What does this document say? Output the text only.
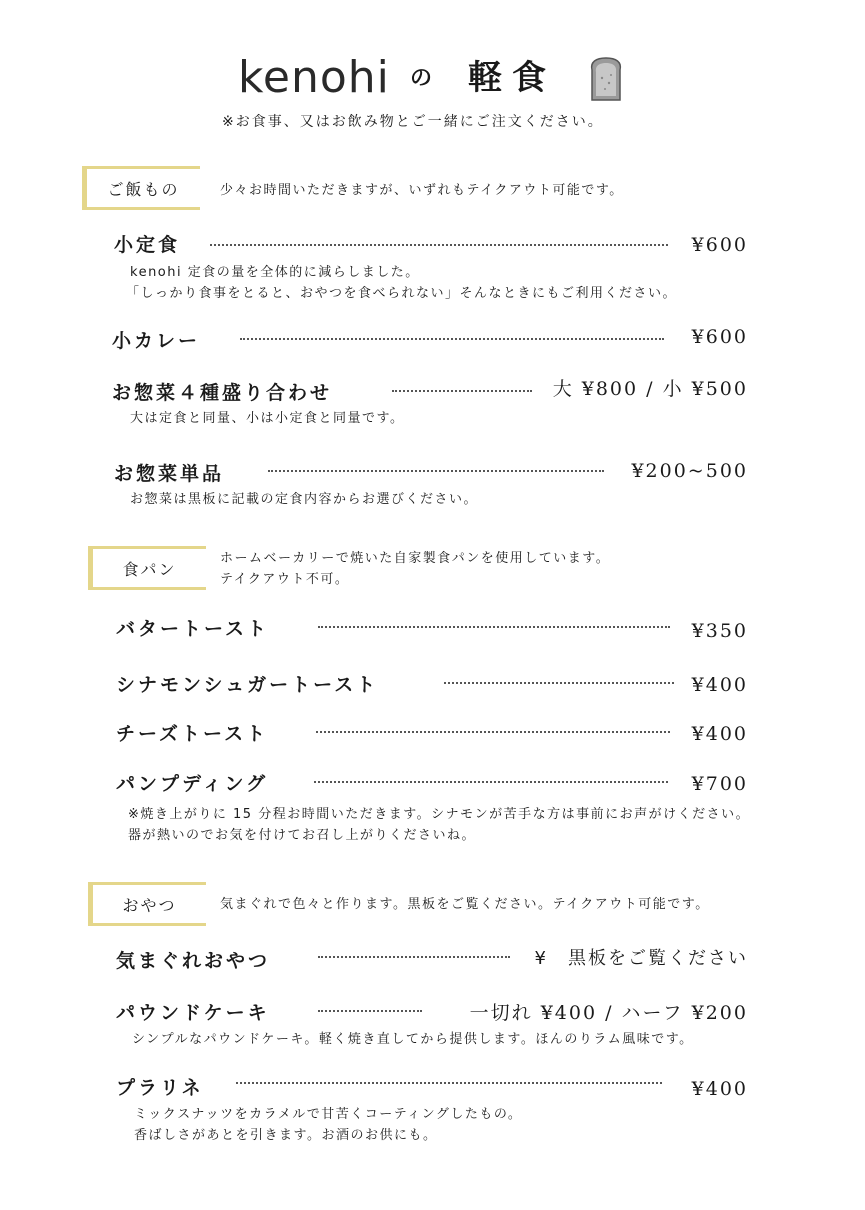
kenohi の 軽食
※お食事、又はお飲み物とご一緒にご注文ください。
ご飯もの	少々お時間いただきますが、いずれもテイクアウト可能です。
小定食	¥600
kenohi 定食の量を全体的に減らしました。
「しっかり食事をとると、おやつを食べられない」そんなときにもご利用ください。
小カレー	¥600
お惣菜４種盛り合わせ	大 ¥800 / 小 ¥500
大は定食と同量、小は小定食と同量です。
お惣菜単品	¥200~500
お惣菜は黒板に記載の定食内容からお選びください。
食パン
ホームベーカリーで焼いた自家製食パンを使用しています。
テイクアウト不可。
バタートースト	¥350
シナモンシュガートースト	¥400
チーズトースト	¥400
パンプディング	¥700
※焼き上がりに 15 分程お時間いただきます。シナモンが苦手な方は事前にお声がけください。
器が熱いのでお気を付けてお召し上がりくださいね。
おやつ	気まぐれで色々と作ります。黒板をご覧ください。テイクアウト可能です。
気まぐれおやつ	¥　黒板をご覧ください
パウンドケーキ	一切れ ¥400 / ハーフ ¥200
シンプルなパウンドケーキ。軽く焼き直してから提供します。ほんのりラム風味です。
プラリネ	¥400
ミックスナッツをカラメルで甘苦くコーティングしたもの。
香ばしさがあとを引きます。お酒のお供にも。
